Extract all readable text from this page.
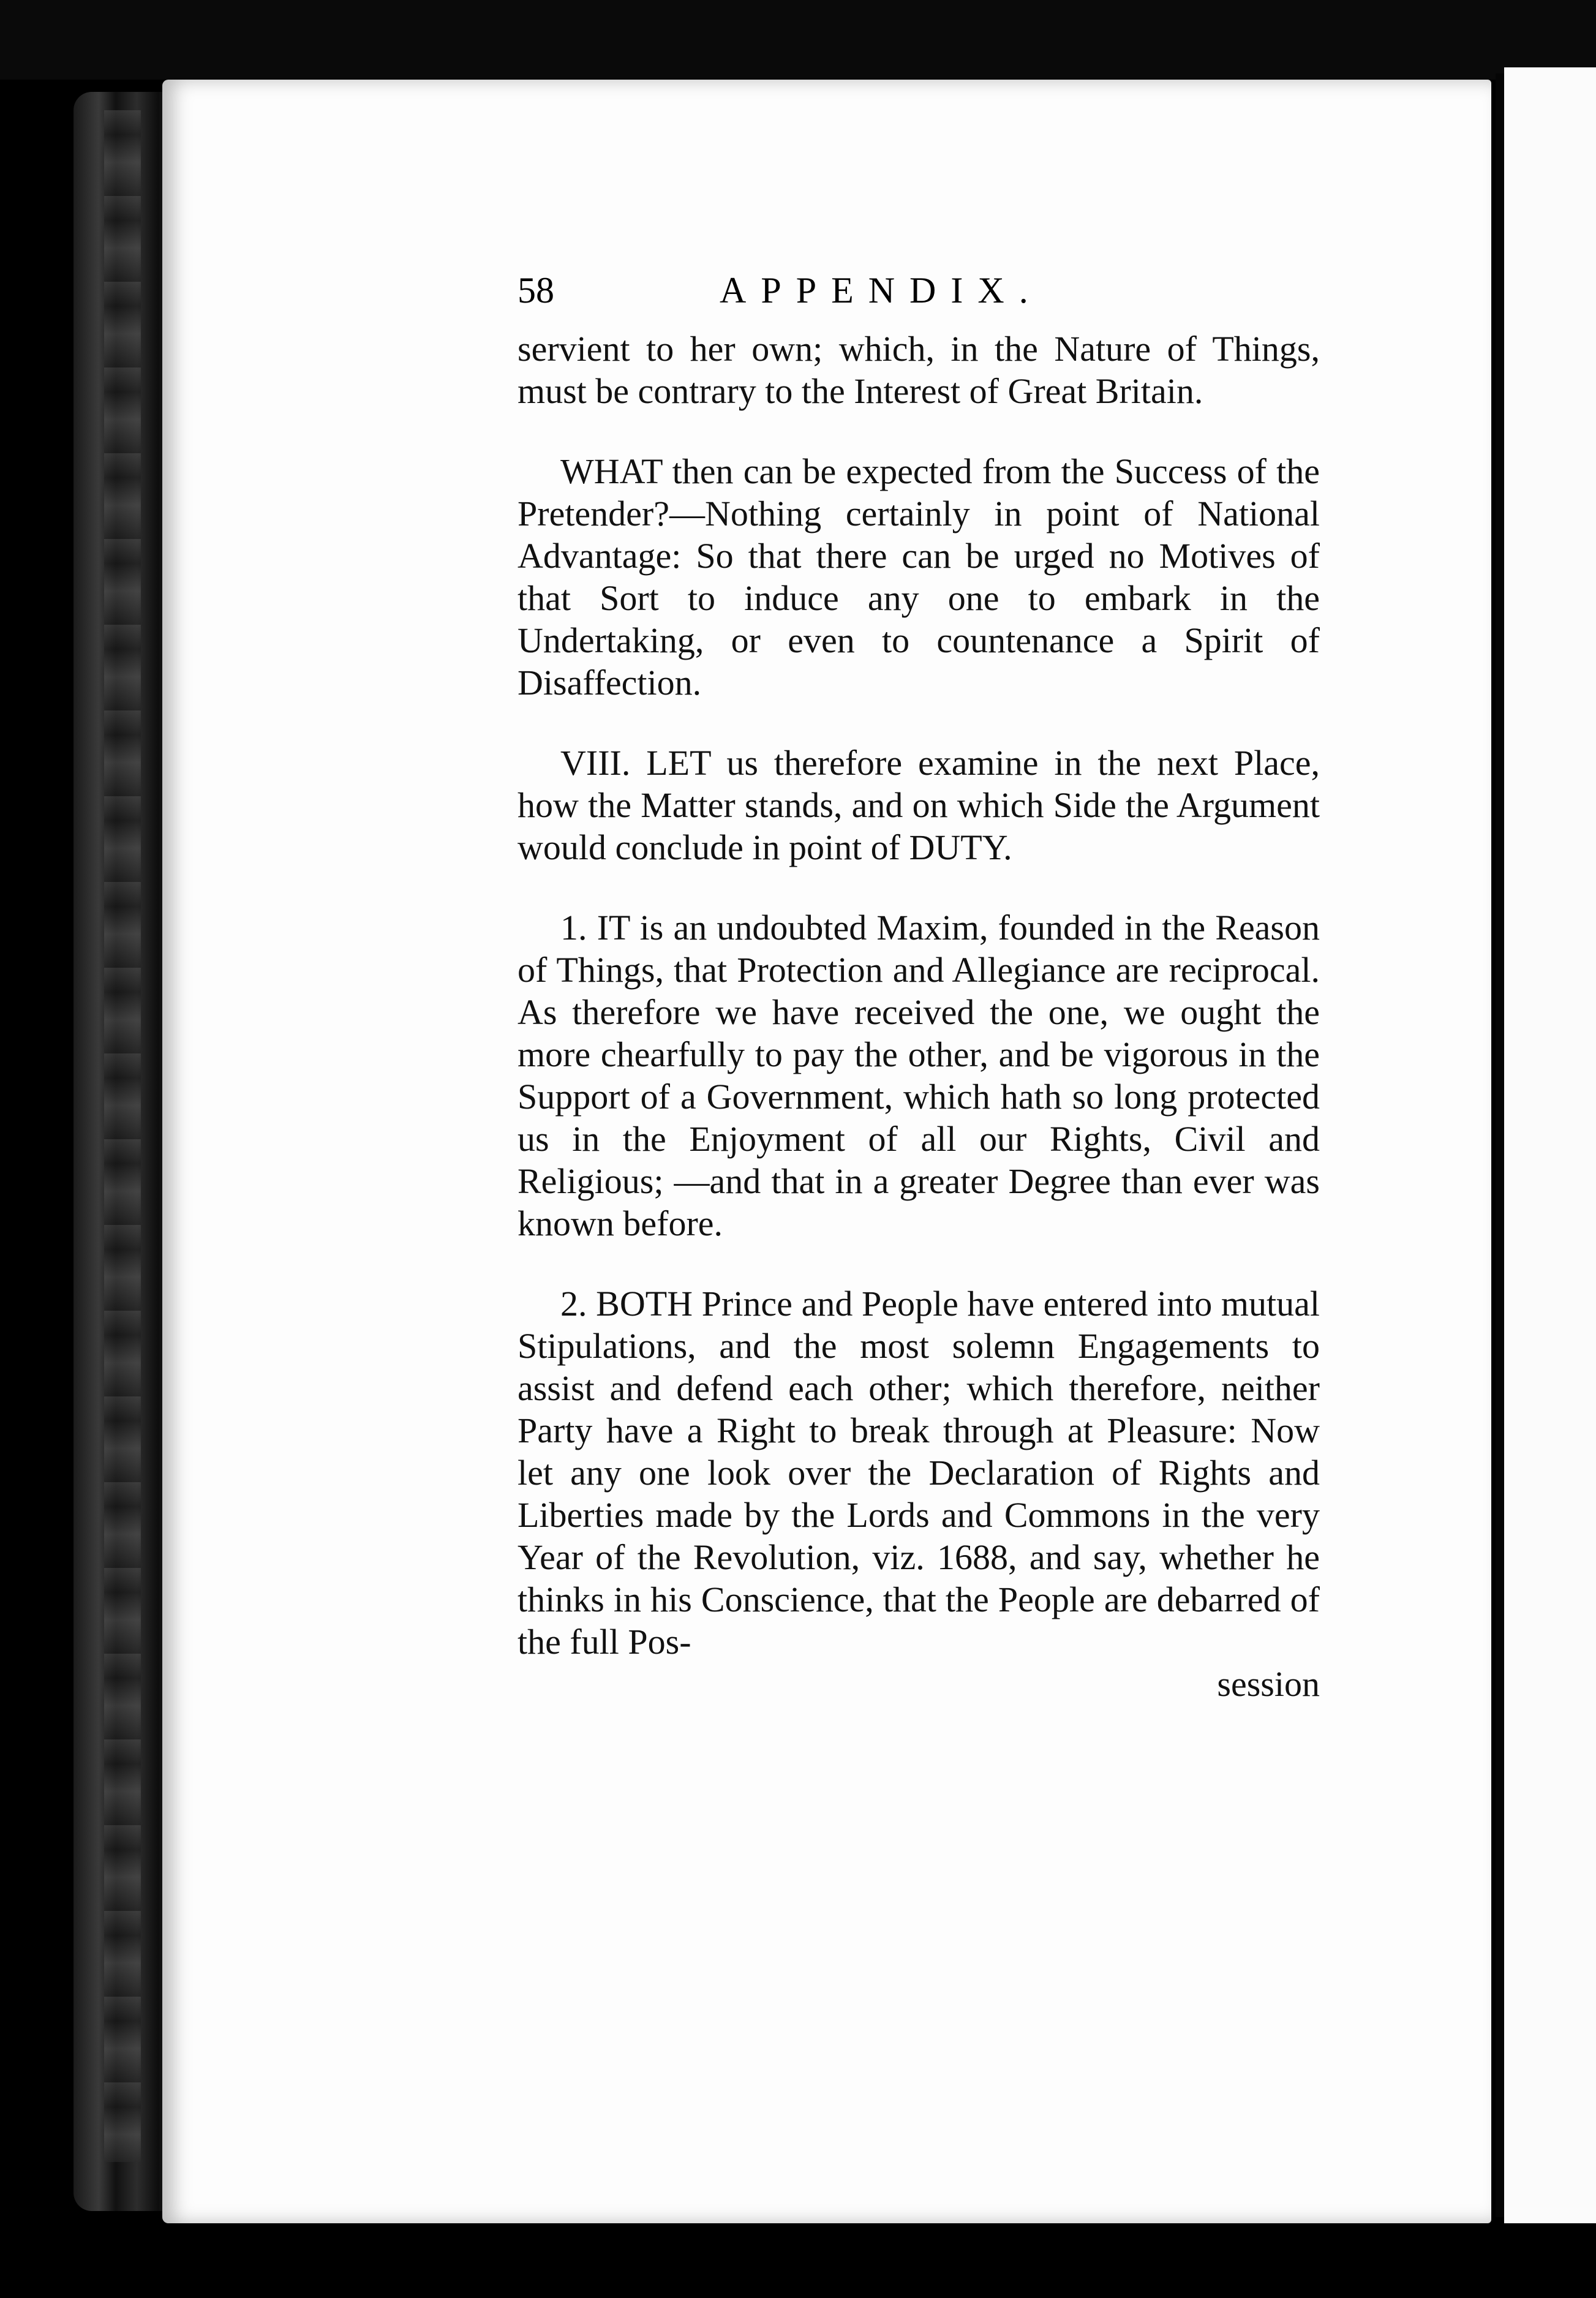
58	APPENDIX.

servient to her own; which, in the Nature of Things, must be contrary to the Interest of Great Britain.

WHAT then can be expected from the Success of the Pretender?—Nothing certainly in point of National Advantage: So that there can be urged no Motives of that Sort to induce any one to embark in the Undertaking, or even to countenance a Spirit of Disaffection.

VIII. LET us therefore examine in the next Place, how the Matter stands, and on which Side the Argument would conclude in point of DUTY.

1. IT is an undoubted Maxim, founded in the Reason of Things, that Protection and Allegiance are reciprocal. As therefore we have received the one, we ought the more chearfully to pay the other, and be vigorous in the Support of a Government, which hath so long protected us in the Enjoyment of all our Rights, Civil and Religious; —and that in a greater Degree than ever was known before.

2. BOTH Prince and People have entered into mutual Stipulations, and the most solemn Engagements to assist and defend each other; which therefore, neither Party have a Right to break through at Pleasure: Now let any one look over the Declaration of Rights and Liberties made by the Lords and Commons in the very Year of the Revolution, viz. 1688, and say, whether he thinks in his Conscience, that the People are debarred of the full Pos-

session
